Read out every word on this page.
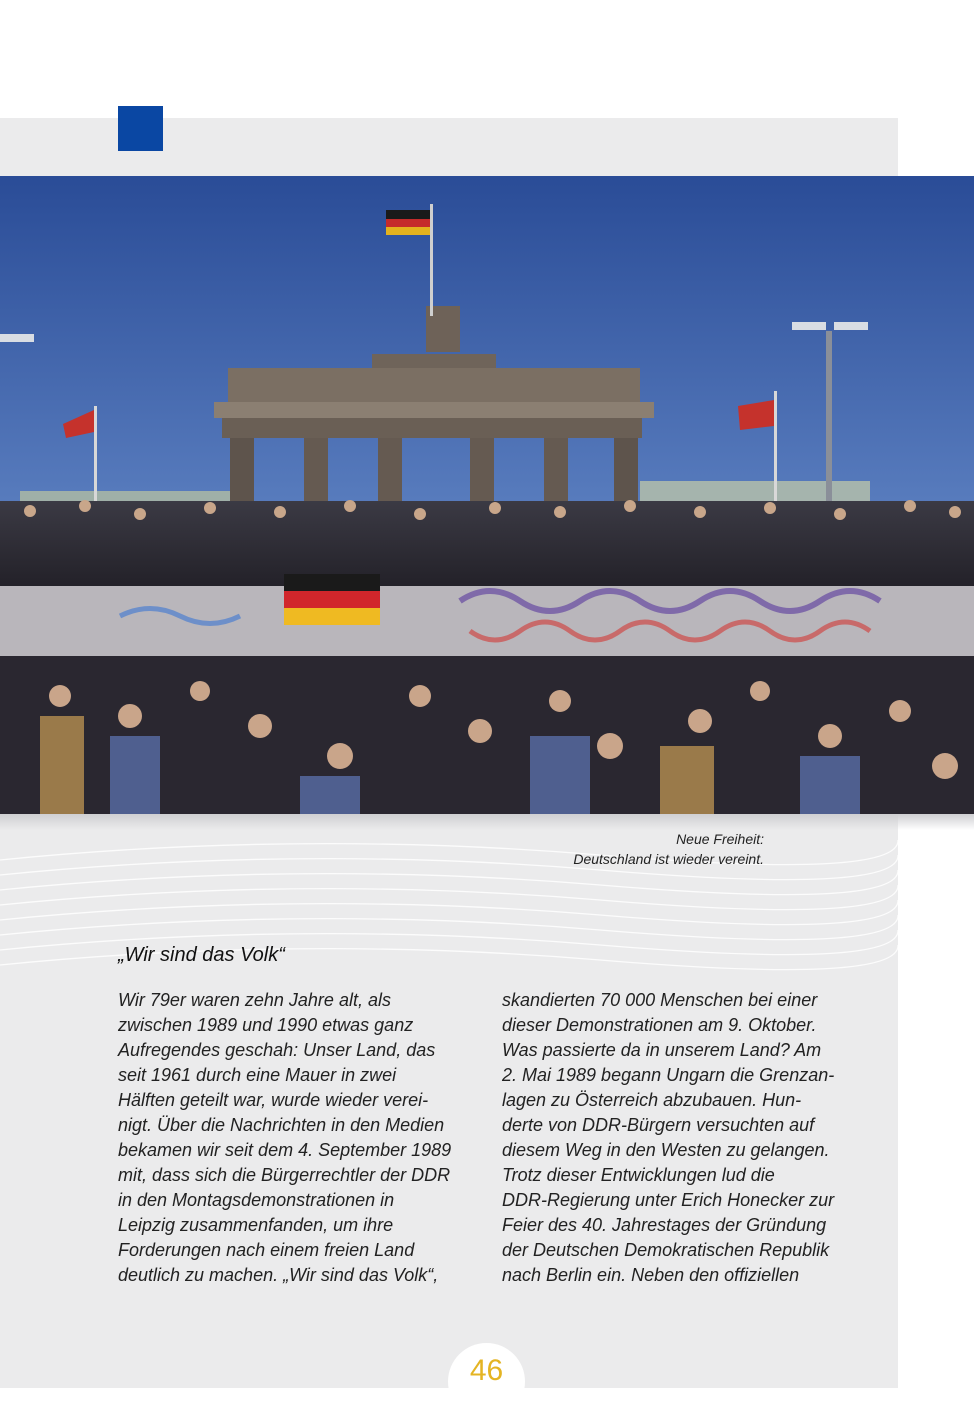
Neue Freiheit:
Deutschland ist wieder vereint.
„Wir sind das Volk“
Wir 79er waren zehn Jahre alt, als
zwischen 1989 und 1990 etwas ganz
Aufregendes geschah: Unser Land, das
seit 1961 durch eine Mauer in zwei
Hälften geteilt war, wurde wieder verei-
nigt. Über die Nachrichten in den Medien
bekamen wir seit dem 4. September 1989
mit, dass sich die Bürgerrechtler der DDR
in den Montagsdemonstrationen in
Leipzig zusammenfanden, um ihre
Forderungen nach einem freien Land
deutlich zu machen. „Wir sind das Volk“,
skandierten 70 000 Menschen bei einer
dieser Demonstrationen am 9. Oktober.
Was passierte da in unserem Land? Am
2. Mai 1989 begann Ungarn die Grenzan-
lagen zu Österreich abzubauen. Hun-
derte von DDR-Bürgern versuchten auf
diesem Weg in den Westen zu gelangen.
Trotz dieser Entwicklungen lud die
DDR-Regierung unter Erich Honecker zur
Feier des 40. Jahrestages der Gründung
der Deutschen Demokratischen Republik
nach Berlin ein. Neben den offiziellen
46
